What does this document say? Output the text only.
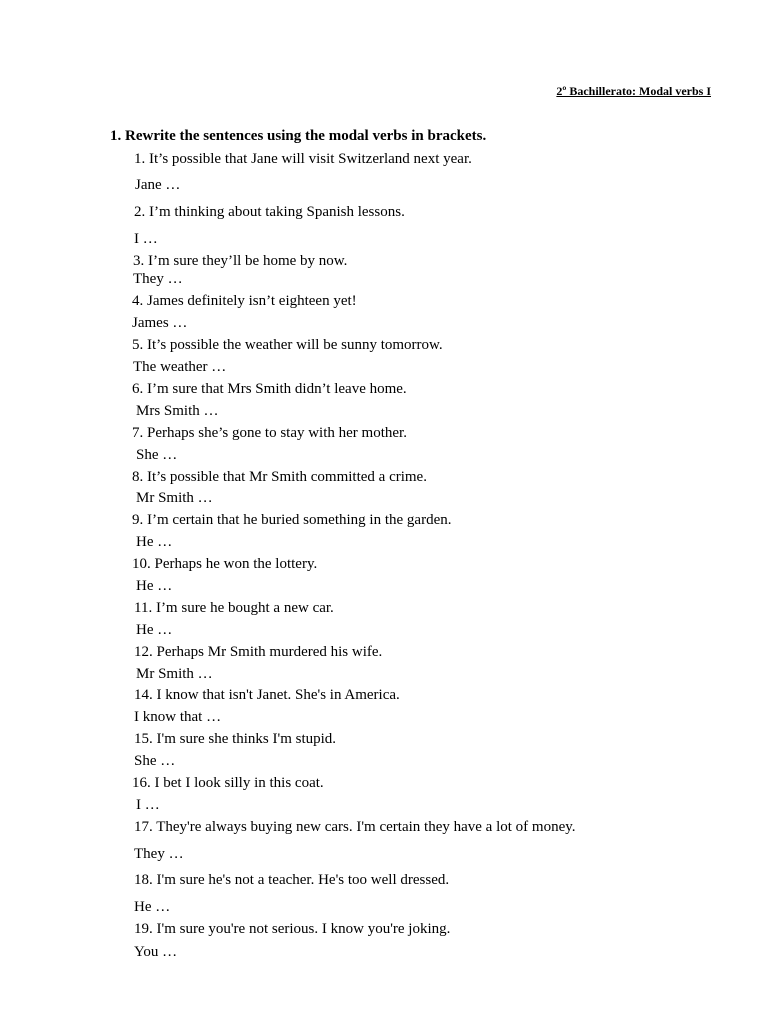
2º Bachillerato: Modal verbs I
1. Rewrite the sentences using the modal verbs in brackets.
1. It’s possible that Jane will visit Switzerland next year.
Jane …
2. I’m thinking about taking Spanish lessons.
I …
3. I’m sure they’ll be home by now.
They …
4. James definitely isn’t eighteen yet!
James …
5. It’s possible the weather will be sunny tomorrow.
The weather …
6. I’m sure that Mrs Smith didn’t leave home.
Mrs Smith …
7. Perhaps she’s gone to stay with her mother.
She …
8. It’s possible that Mr Smith committed a crime.
Mr Smith …
9. I’m certain that he buried something in the garden.
He …
10. Perhaps he won the lottery.
He …
11. I’m sure he bought a new car.
He …
12. Perhaps Mr Smith murdered his wife.
Mr Smith …
14. I know that isn't Janet. She's in America.
I know that …
15. I'm sure she thinks I'm stupid.
She …
16. I bet I look silly in this coat.
I …
17. They're always buying new cars. I'm certain they have a lot of money.
They …
18. I'm sure he's not a teacher. He's too well dressed.
He …
19. I'm sure you're not serious. I know you're joking.
You …
